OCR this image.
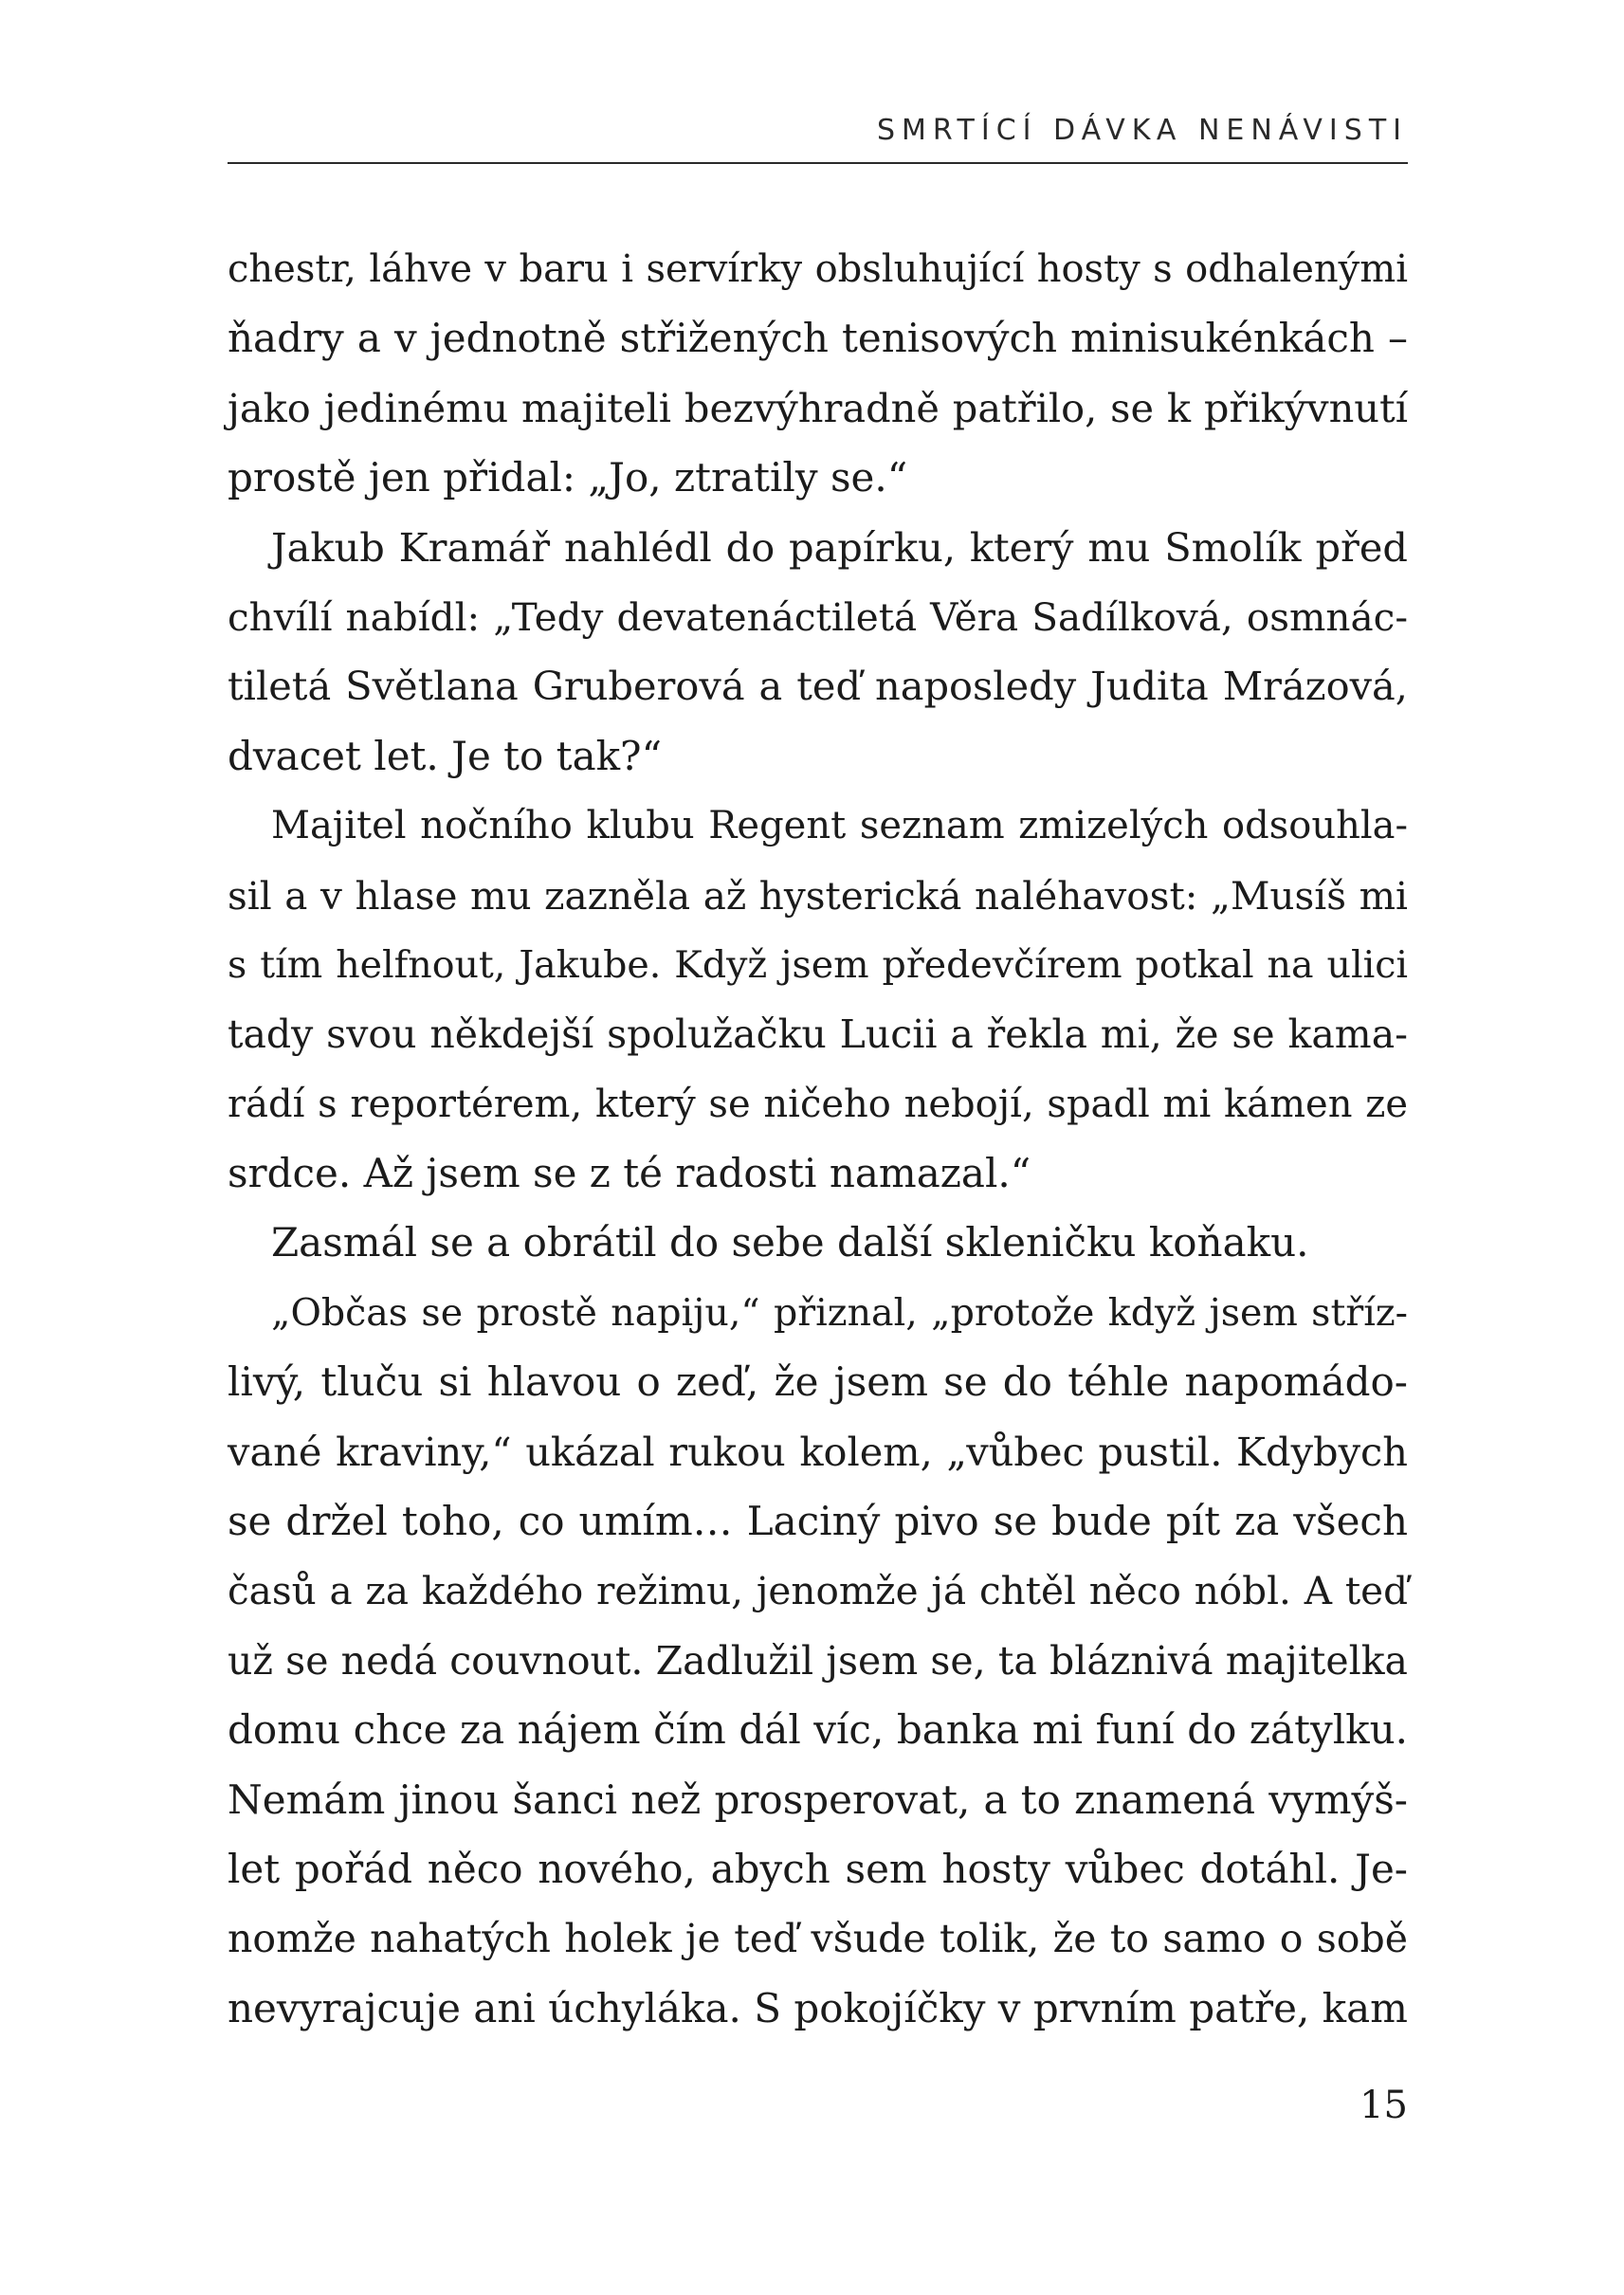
SMRTÍCÍ DÁVKA NENÁVISTI
chestr, láhve v baru i servírky obsluhující hosty s odhalenými
ňadry a v jednotně střižených tenisových minisukénkách –
jako jedinému majiteli bezvýhradně patřilo, se k přikývnutí
prostě jen přidal: „Jo, ztratily se.“
Jakub Kramář nahlédl do papírku, který mu Smolík před
chvílí nabídl: „Tedy devatenáctiletá Věra Sadílková, osmnác-
tiletá Světlana Gruberová a teď naposledy Judita Mrázová,
dvacet let. Je to tak?“
Majitel nočního klubu Regent seznam zmizelých odsouhla-
sil a v hlase mu zazněla až hysterická naléhavost: „Musíš mi
s tím helfnout, Jakube. Když jsem předevčírem potkal na ulici
tady svou někdejší spolužačku Lucii a řekla mi, že se kama-
rádí s reportérem, který se ničeho nebojí, spadl mi kámen ze
srdce. Až jsem se z té radosti namazal.“
Zasmál se a obrátil do sebe další skleničku koňaku.
„Občas se prostě napiju,“ přiznal, „protože když jsem stříz-
livý, tluču si hlavou o zeď, že jsem se do téhle napomádo-
vané kraviny,“ ukázal rukou kolem, „vůbec pustil. Kdybych
se držel toho, co umím… Laciný pivo se bude pít za všech
časů a za každého režimu, jenomže já chtěl něco nóbl. A teď
už se nedá couvnout. Zadlužil jsem se, ta bláznivá majitelka
domu chce za nájem čím dál víc, banka mi funí do zátylku.
Nemám jinou šanci než prosperovat, a to znamená vymýš-
let pořád něco nového, abych sem hosty vůbec dotáhl. Je-
nomže nahatých holek je teď všude tolik, že to samo o sobě
nevyrajcuje ani úchyláka. S pokojíčky v prvním patře, kam
15
